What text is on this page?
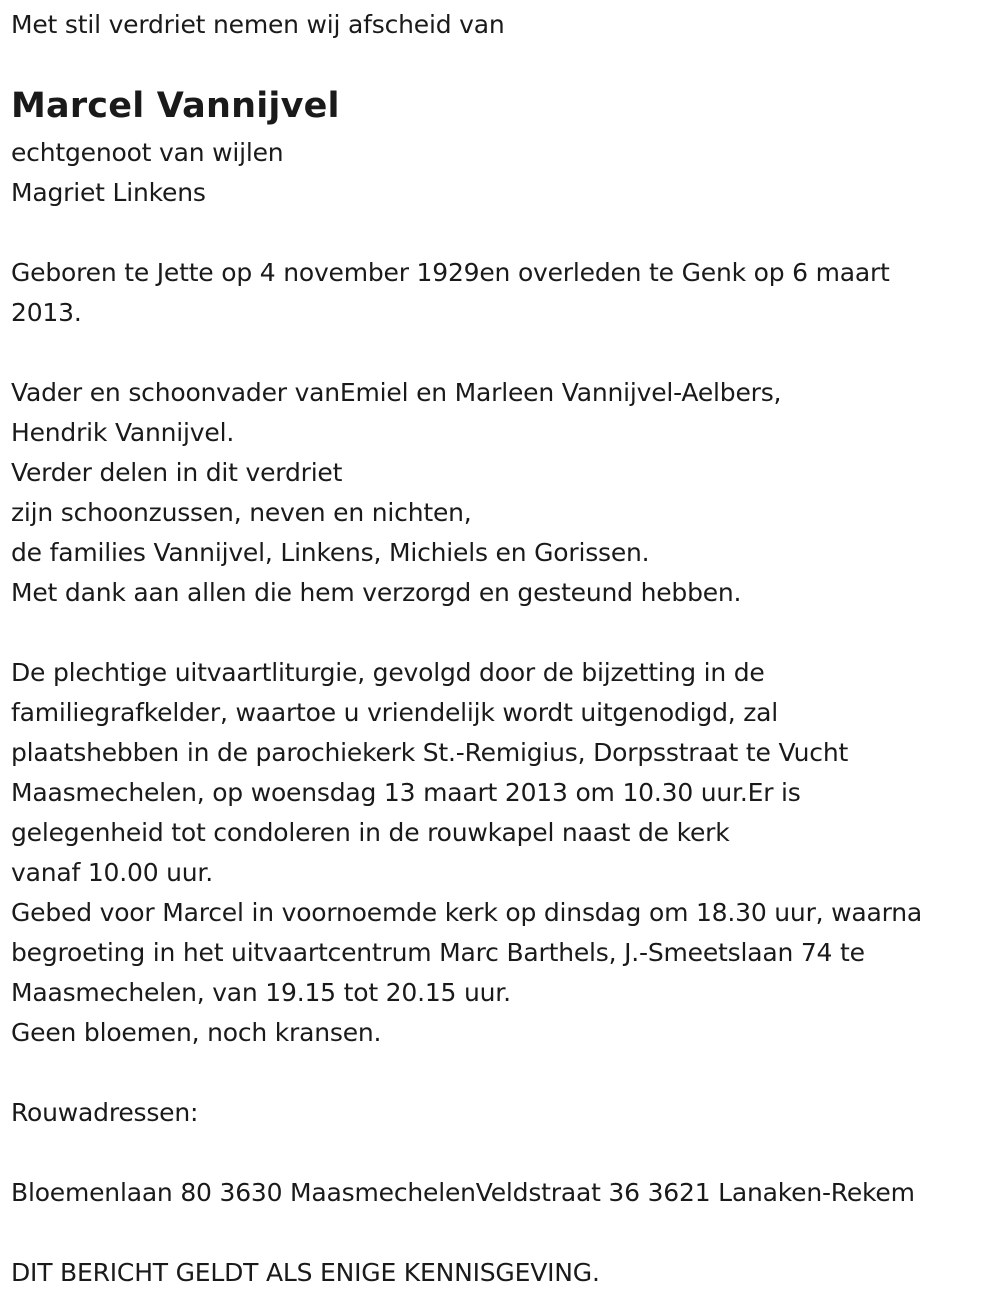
Met stil verdriet nemen wij afscheid van
Marcel Vannijvel
echtgenoot van wijlen
Magriet Linkens
Geboren te Jette op 4 november 1929en overleden te Genk op 6 maart
2013.
Vader en schoonvader vanEmiel en Marleen Vannijvel-Aelbers,
Hendrik Vannijvel.
Verder delen in dit verdriet
zijn schoonzussen, neven en nichten,
de families Vannijvel, Linkens, Michiels en Gorissen.
Met dank aan allen die hem verzorgd en gesteund hebben.
De plechtige uitvaartliturgie, gevolgd door de bijzetting in de
familiegrafkelder, waartoe u vriendelijk wordt uitgenodigd, zal
plaatshebben in de parochiekerk St.-Remigius, Dorpsstraat te Vucht
Maasmechelen, op woensdag 13 maart 2013 om 10.30 uur.Er is
gelegenheid tot condoleren in de rouwkapel naast de kerk
vanaf 10.00 uur.
Gebed voor Marcel in voornoemde kerk op dinsdag om 18.30 uur, waarna
begroeting in het uitvaartcentrum Marc Barthels, J.-Smeetslaan 74 te
Maasmechelen, van 19.15 tot 20.15 uur.
Geen bloemen, noch kransen.
Rouwadressen:
Bloemenlaan 80 3630 MaasmechelenVeldstraat 36 3621 Lanaken-Rekem
DIT BERICHT GELDT ALS ENIGE KENNISGEVING.
